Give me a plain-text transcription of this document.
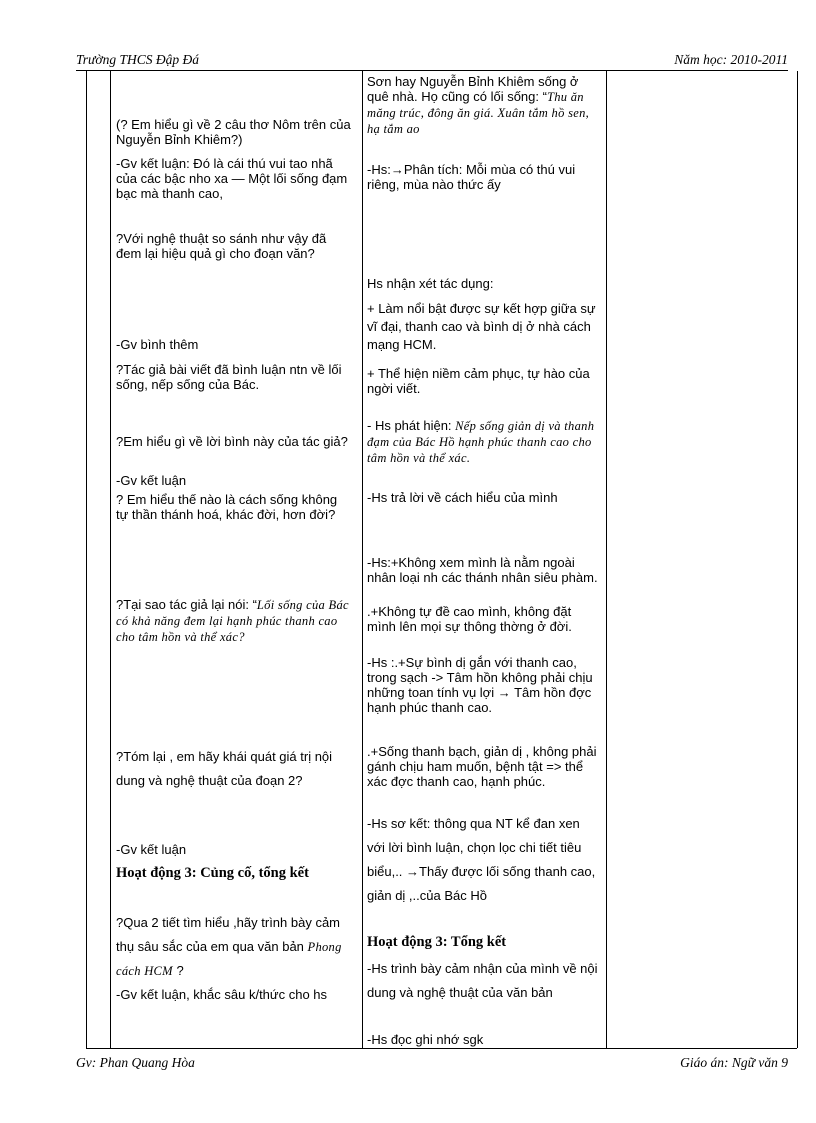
Trường THCS Đập Đá	Năm học: 2010-2011

(? Em hiểu gì về 2 câu thơ Nôm trên của Nguyễn Bỉnh Khiêm?)

-Gv kết luận: Đó là cái thú vui tao nhã của các bậc nho xa — Một lối sống đạm bạc mà thanh cao,

?Với nghệ thuật so sánh như vậy đã đem lại hiệu quả gì cho đoạn văn?

-Gv bình thêm

?Tác giả bài viết đã bình luận ntn về lối sống, nếp sống của Bác.

?Em hiểu gì về lời bình này của tác giả?

-Gv kết luận

? Em hiểu thế nào là cách sống không tự thần thánh hoá, khác đời, hơn đời?

?Tại sao tác giả lại nói: “Lối sống của Bác có khả năng đem lại hạnh phúc thanh cao cho tâm hồn và thể xác?

?Tóm lại , em hãy khái quát giá trị nội dung và nghệ thuật của đoạn 2?

-Gv kết luận

Hoạt động 3: Củng cố, tổng kết

?Qua 2 tiết tìm hiểu ,hãy trình bày cảm thụ sâu sắc của em qua văn bản Phong cách HCM ?

-Gv kết luận, khắc sâu k/thức cho hs

Sơn hay Nguyễn Bỉnh Khiêm sống ở quê nhà. Họ cũng có lối sống: “Thu ăn măng trúc, đông ăn giá. Xuân tắm hồ sen, hạ tắm ao

-Hs:→Phân tích: Mỗi mùa có thú vui riêng, mùa nào thức ấy

Hs nhận xét tác dụng:

+ Làm nổi bật được sự kết hợp giữa sự vĩ đại, thanh cao và bình dị ở nhà cách mạng HCM.

+ Thể hiện niềm cảm phục, tự hào của ngời viết.

- Hs phát hiện: Nếp sống giản dị và thanh đạm của Bác Hồ hạnh phúc thanh cao cho tâm hồn và thể xác.

-Hs trả lời về cách hiểu của mình

-Hs:+Không xem mình là nằm ngoài nhân loại nh các thánh nhân siêu phàm.

.+Không tự đề cao mình, không đặt mình lên mọi sự thông thờng ở đời.

-Hs :.+Sự bình dị gắn với thanh cao, trong sạch -> Tâm hồn không phải chịu những toan tính vụ lợi → Tâm hồn đợc hạnh phúc thanh cao.

.+Sống thanh bạch, giản dị , không phải gánh chịu ham muốn, bệnh tật => thể xác đợc thanh cao, hạnh phúc.

-Hs sơ kết: thông qua NT kể đan xen với lời bình luận, chọn lọc chi tiết tiêu biểu,.. →Thấy được lối sống thanh cao, giản dị ,..của Bác Hồ

Hoạt động 3: Tổng kết

-Hs trình bày cảm nhận của mình về nội dung và nghệ thuật của văn bản

-Hs đọc ghi nhớ sgk

Gv: Phan Quang Hòa	Giáo án: Ngữ văn 9
